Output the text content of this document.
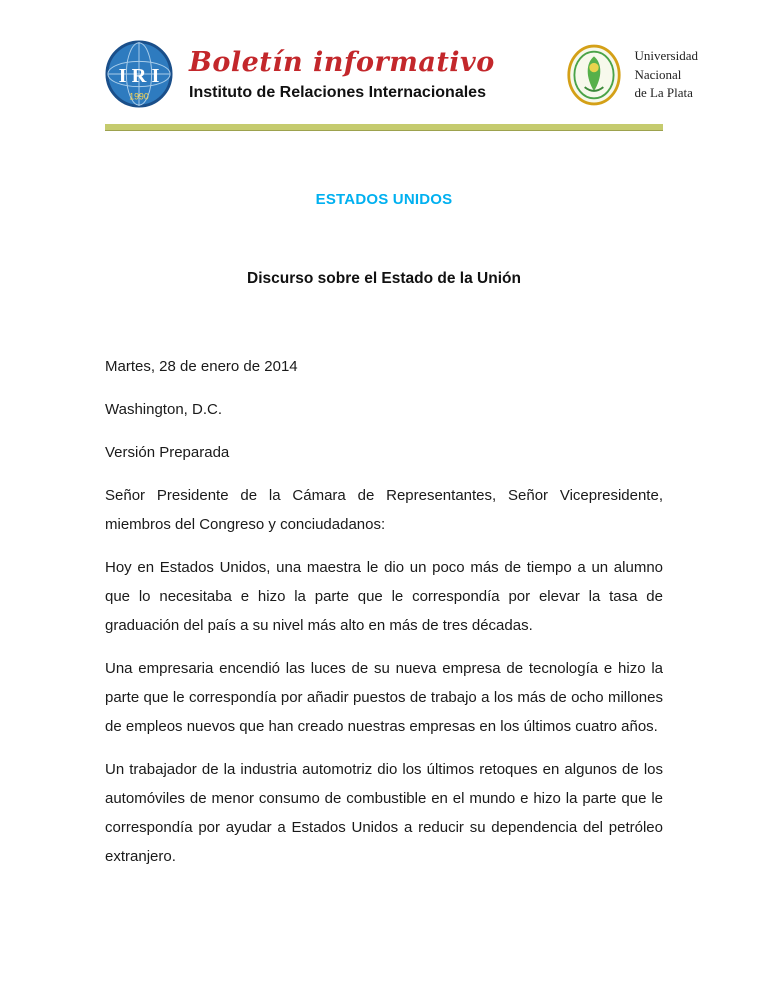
I R I
1990
Boletín informativo
Instituto de Relaciones Internacionales
Universidad
Nacional
de La Plata
ESTADOS UNIDOS
Discurso sobre el Estado de la Unión

Martes, 28 de enero de 2014

Washington, D.C.

Versión Preparada

Señor Presidente de la Cámara de Representantes, Señor Vicepresidente, miembros del Congreso y conciudadanos:

Hoy en Estados Unidos, una maestra le dio un poco más de tiempo a un alumno que lo necesitaba e hizo la parte que le correspondía por elevar la tasa de graduación del país a su nivel más alto en más de tres décadas.

Una empresaria encendió las luces de su nueva empresa de tecnología e hizo la parte que le correspondía por añadir puestos de trabajo a los más de ocho millones de empleos nuevos que han creado nuestras empresas en los últimos cuatro años.

Un trabajador de la industria automotriz dio los últimos retoques en algunos de los automóviles de menor consumo de combustible en el mundo e hizo la parte que le correspondía por ayudar a Estados Unidos a reducir su dependencia del petróleo extranjero.
